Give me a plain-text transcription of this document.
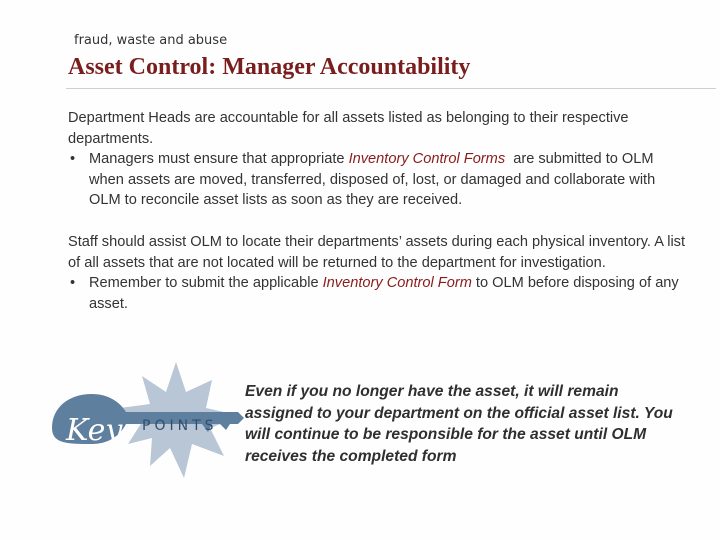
fraud, waste and abuse
Asset Control: Manager Accountability
Department Heads are accountable for all assets listed as belonging to their respective departments.
• Managers must ensure that appropriate Inventory Control Forms  are submitted to OLM when assets are moved, transferred, disposed of, lost, or damaged and collaborate with OLM to reconcile asset lists as soon as they are received.
Staff should assist OLM to locate their departments’ assets during each physical inventory. A list of all assets that are not located will be returned to the department for investigation.
• Remember to submit the applicable Inventory Control Form to OLM before disposing of any asset.
Key POINTS
Even if you no longer have the asset, it will remain assigned to your department on the official asset list. You will continue to be responsible for the asset until OLM receives the completed form
